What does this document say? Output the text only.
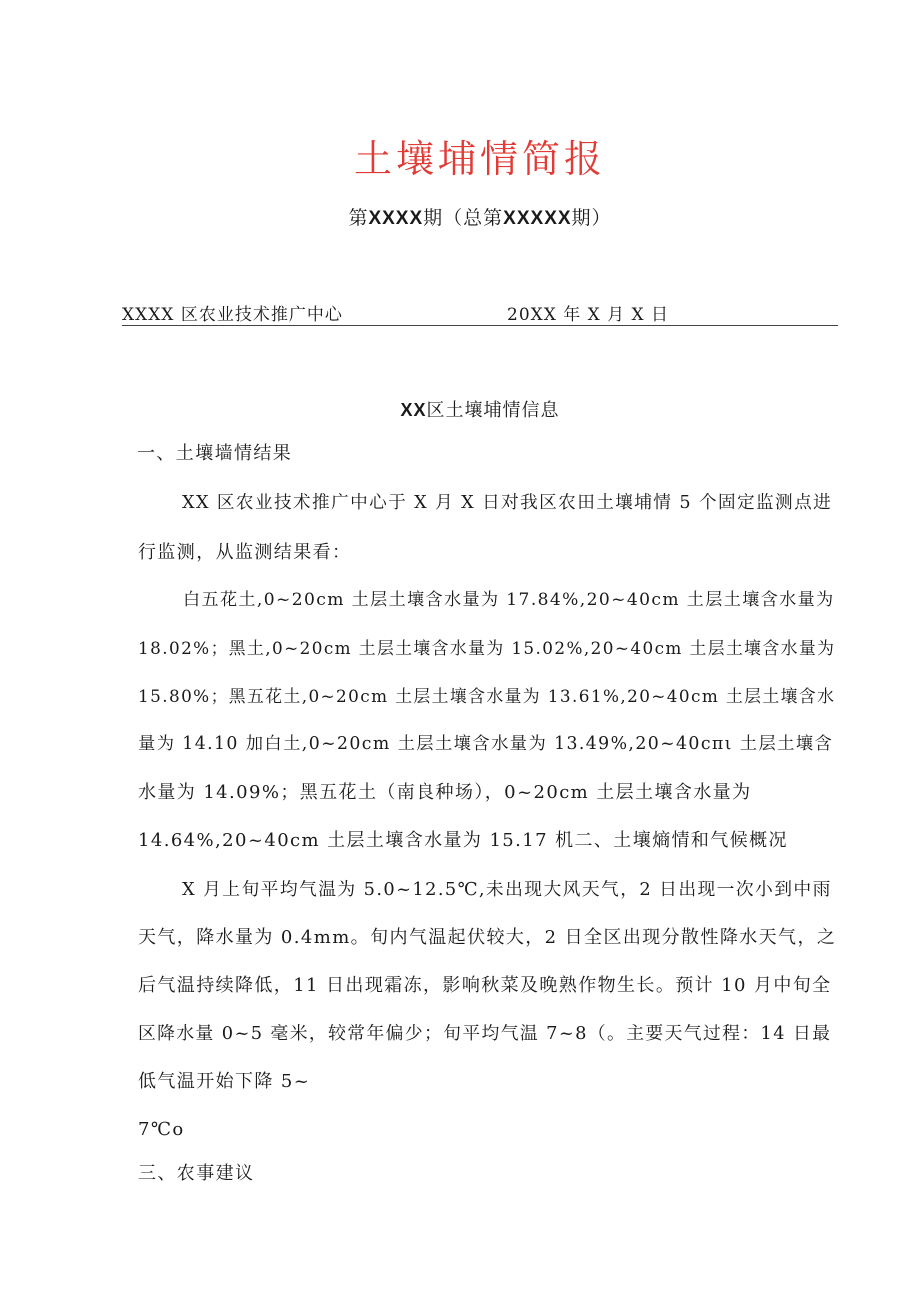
土壤埔情简报
第XXXX期（总第XXXXX期）
XXXX 区农业技术推广中心	20XX 年 X 月 X 日
XX区土壤埔情信息
一、土壤墙情结果
XX 区农业技术推广中心于 X 月 X 日对我区农田土壤埔情 5 个固定监测点进
行监测，从监测结果看：
白五花土,0~20cm 土层土壤含水量为 17.84%,20~40cm 土层土壤含水量为
18.02%；黑土,0~20cm 土层土壤含水量为 15.02%,20~40cm 土层土壤含水量为
15.80%；黑五花土,0~20cm 土层土壤含水量为 13.61%,20~40cm 土层土壤含水
量为 14.10 加白土,0~20cm 土层土壤含水量为 13.49%,20~40cπι 土层土壤含
水量为 14.09%；黑五花土（南良种场），0~20cm 土层土壤含水量为
14.64%,20~40cm 土层土壤含水量为 15.17 机二、土壤熵情和气候概况
X 月上旬平均气温为 5.0~12.5℃,未出现大风天气，2 日出现一次小到中雨
天气，降水量为 0.4mm。旬内气温起伏较大，2 日全区出现分散性降水天气，之
后气温持续降低，11 日出现霜冻，影响秋菜及晚熟作物生长。预计 10 月中旬全
区降水量 0~5 毫米，较常年偏少；旬平均气温 7~8（。主要天气过程：14 日最
低气温开始下降 5~
7℃o
三、农事建议
